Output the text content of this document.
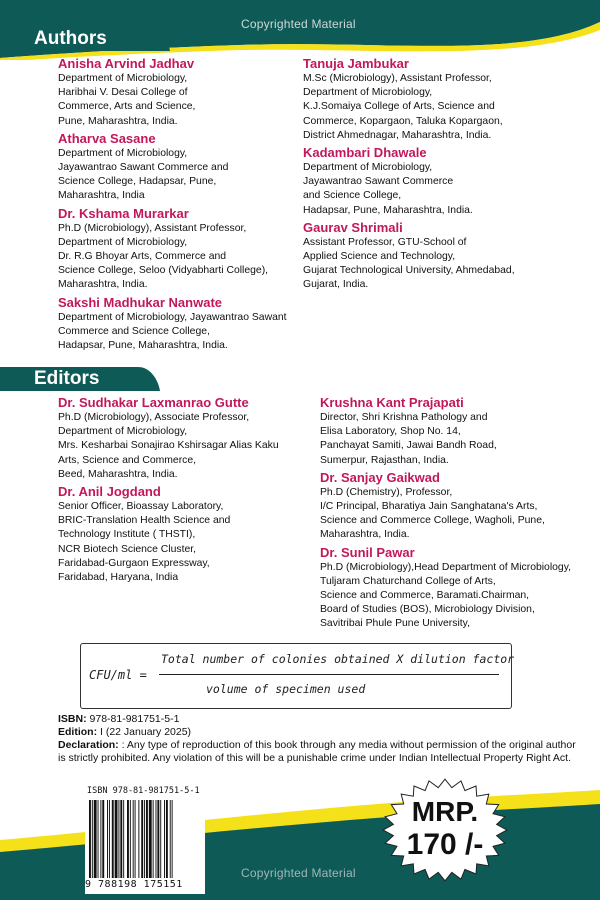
Copyrighted Material
Authors
Anisha Arvind Jadhav
Department of Microbiology,
Haribhai V. Desai College of
Commerce, Arts and Science,
Pune, Maharashtra, India.
Atharva Sasane
Department of Microbiology,
Jayawantrao Sawant Commerce and
Science College, Hadapsar, Pune,
Maharashtra, India
Dr. Kshama Murarkar
Ph.D (Microbiology), Assistant Professor,
Department of Microbiology,
Dr. R.G Bhoyar Arts, Commerce and
Science College, Seloo (Vidyabharti College),
Maharashtra, India.
Sakshi Madhukar Nanwate
Department of Microbiology, Jayawantrao Sawant
Commerce and Science College,
Hadapsar, Pune, Maharashtra, India.
Tanuja Jambukar
M.Sc (Microbiology), Assistant Professor,
Department of Microbiology,
K.J.Somaiya College of Arts, Science and
Commerce, Kopargaon, Taluka Kopargaon,
District Ahmednagar, Maharashtra, India.
Kadambari Dhawale
Department of Microbiology,
Jayawantrao Sawant Commerce
and Science College,
Hadapsar, Pune, Maharashtra, India.
Gaurav Shrimali
Assistant Professor, GTU-School of
Applied Science and Technology,
Gujarat Technological University, Ahmedabad,
Gujarat, India.
Editors
Dr. Sudhakar Laxmanrao Gutte
Ph.D (Microbiology), Associate Professor,
Department of Microbiology,
Mrs. Kesharbai Sonajirao Kshirsagar Alias Kaku
Arts, Science and Commerce,
Beed, Maharashtra, India.
Dr. Anil Jogdand
Senior Officer, Bioassay Laboratory,
BRIC-Translation Health Science and
Technology Institute ( THSTI),
NCR Biotech Science Cluster,
Faridabad-Gurgaon Expressway,
Faridabad, Haryana, India
Krushna Kant Prajapati
Director, Shri Krishna Pathology and
Elisa Laboratory, Shop No. 14,
Panchayat Samiti, Jawai Bandh Road,
Sumerpur, Rajasthan, India.
Dr. Sanjay Gaikwad
Ph.D (Chemistry), Professor,
I/C Principal, Bharatiya Jain Sanghatana's Arts,
Science and Commerce College, Wagholi, Pune,
Maharashtra, India.
Dr. Sunil Pawar
Ph.D (Microbiology),Head Department of Microbiology,
Tuljaram Chaturchand College of Arts,
Science and Commerce, Baramati.Chairman,
Board of Studies (BOS), Microbiology Division,
Savitribai Phule Pune University,
CFU/ml =
Total number of colonies obtained X dilution factor
volume of specimen used
ISBN: 978-81-981751-5-1
Edition: I (22 January 2025)
Declaration: : Any type of reproduction of this book through any media without permission of the original author is strictly prohibited. Any violation of this will be a punishable crime under Indian Intellectual Property Right Act.
Copyrighted Material
ISBN 978-81-981751-5-1
9 788198 175151
MRP.
170 /-
